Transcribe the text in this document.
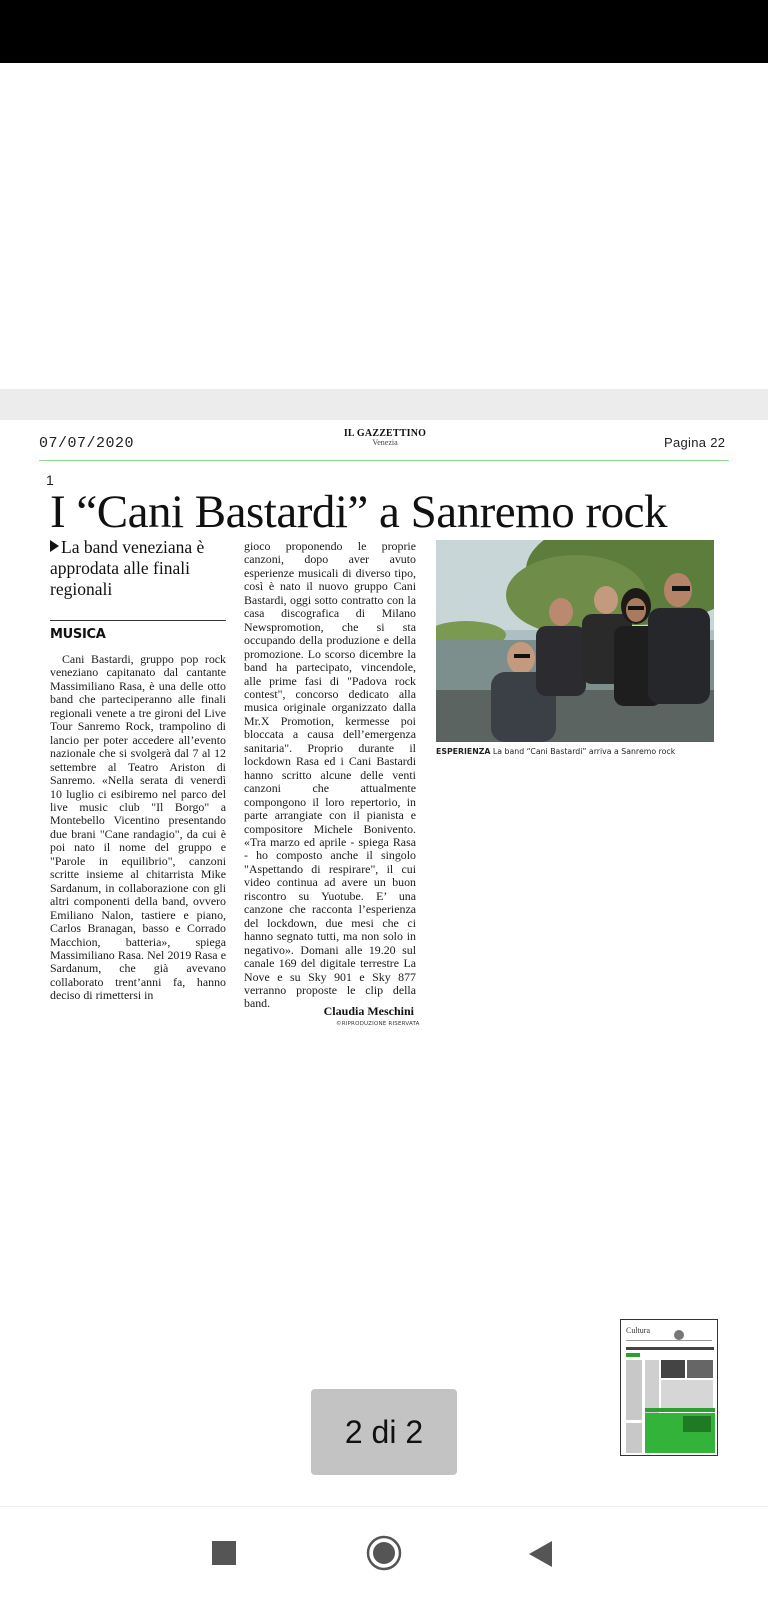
07/07/2020
IL GAZZETTINO
Venezia	Pagina 22
1
I “Cani Bastardi” a Sanremo rock
La band veneziana è approdata alle finali regionali
MUSICA
Cani Bastardi, gruppo pop rock veneziano capitanato dal cantante Massimiliano Rasa, è una delle otto band che parteciperanno alle finali regionali venete a tre gironi del Live Tour Sanremo Rock, trampolino di lancio per poter accedere all’evento nazionale che si svolgerà dal 7 al 12 settembre al Teatro Ariston di Sanremo. «Nella serata di venerdì 10 luglio ci esibiremo nel parco del live music club "Il Borgo" a Montebello Vicentino presentando due brani "Cane randagio", da cui è poi nato il nome del gruppo e "Parole in equilibrio", canzoni scritte insieme al chitarrista Mike Sardanum, in collaborazione con gli altri componenti della band, ovvero Emiliano Nalon, tastiere e piano, Carlos Branagan, basso e Corrado Macchion, batteria», spiega Massimiliano Rasa. Nel 2019 Rasa e Sardanum, che già avevano collaborato trent’anni fa, hanno deciso di rimettersi in
gioco proponendo le proprie canzoni, dopo aver avuto esperienze musicali di diverso tipo, così è nato il nuovo gruppo Cani Bastardi, oggi sotto contratto con la casa discografica di Milano Newspromotion, che si sta occupando della produzione e della promozione. Lo scorso dicembre la band ha partecipato, vincendole, alle prime fasi di "Padova rock contest", concorso dedicato alla musica originale organizzato dalla Mr.X Promotion, kermesse poi bloccata a causa dell’emergenza sanitaria". Proprio durante il lockdown Rasa ed i Cani Bastardi hanno scritto alcune delle venti canzoni che attualmente compongono il loro repertorio, in parte arrangiate con il pianista e compositore Michele Bonivento. «Tra marzo ed aprile - spiega Rasa - ho composto anche il singolo "Aspettando di respirare", il cui video continua ad avere un buon riscontro su Yuotube. E’ una canzone che racconta l’esperienza del lockdown, due mesi che ci hanno segnato tutti, ma non solo in negativo». Domani alle 19.20 sul canale 169 del digitale terrestre La Nove e su Sky 901 e Sky 877 verranno proposte le clip della band.
Claudia Meschini
©RIPRODUZIONE RISERVATA
ESPERIENZA La band “Cani Bastardi” arriva a Sanremo rock
Cultura
2 di 2
